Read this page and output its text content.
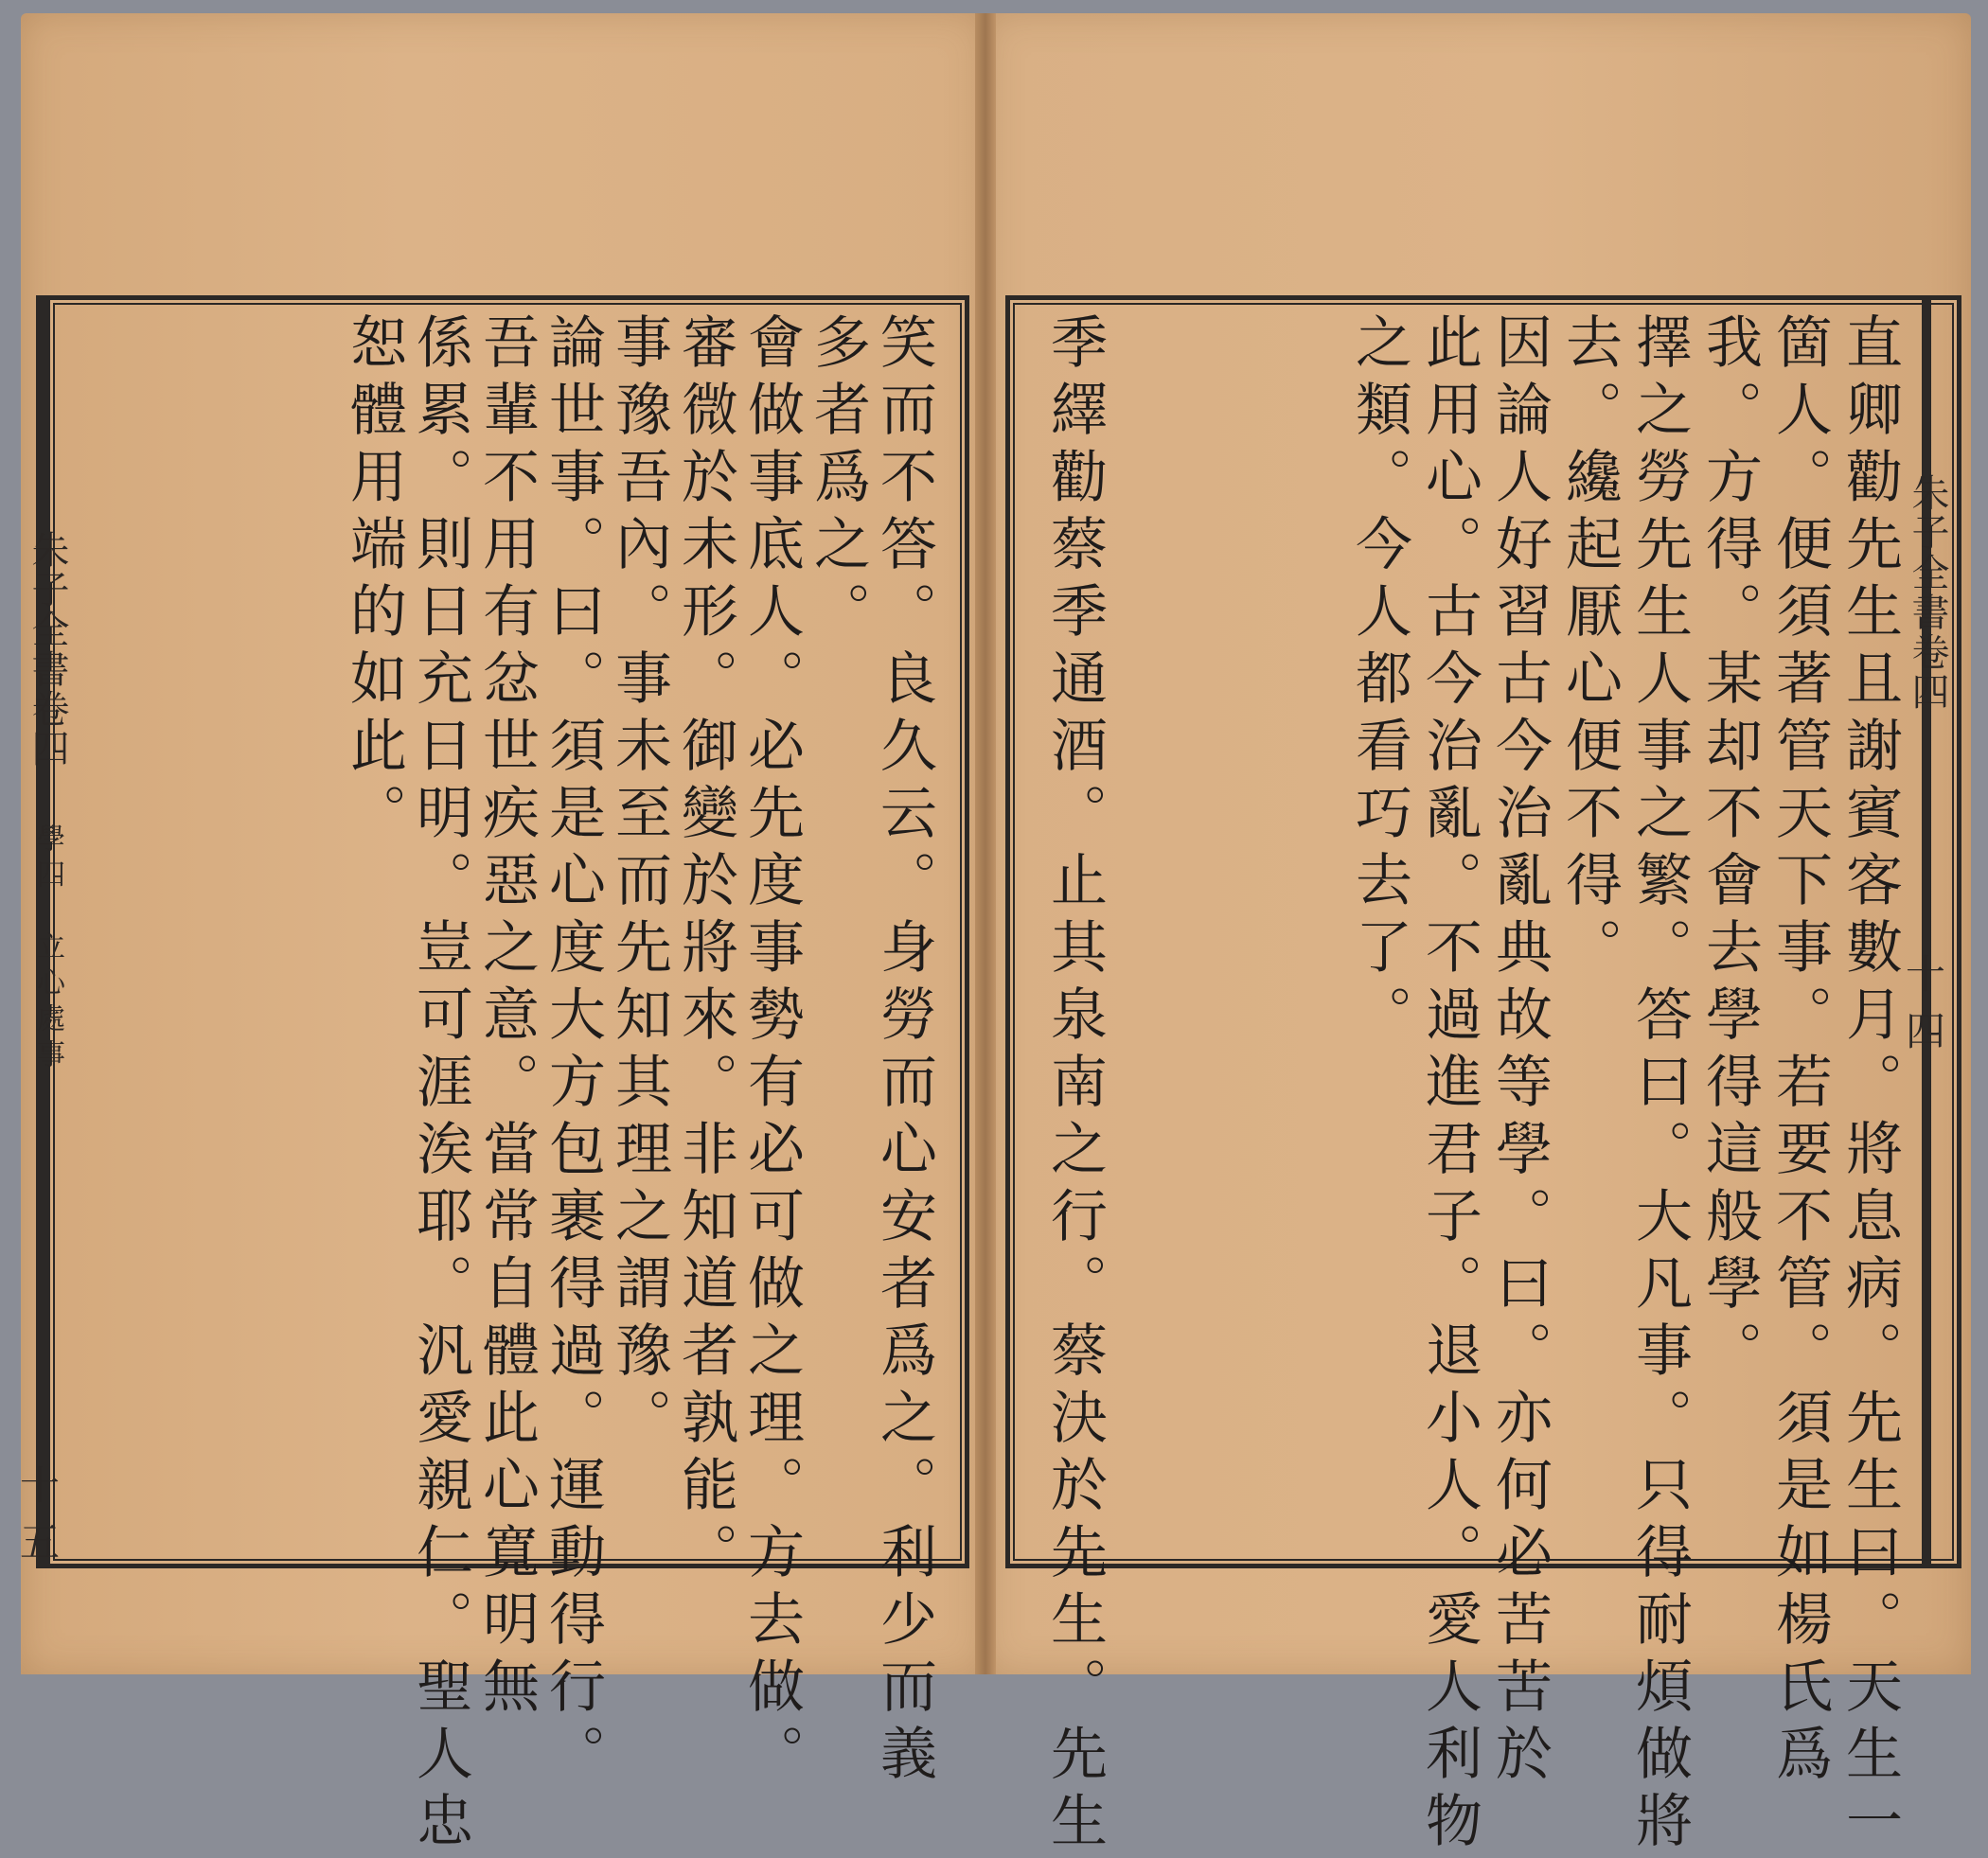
朱子全書卷四
學四　立心處事
十五	笑而不答。良久云。身勞而心安者爲之。利少而義
多者爲之。
會做事底人。必先度事勢有必可做之理。方去做。
審微於未形。御變於將來。非知道者孰能。
事豫吾內。事未至而先知其理之謂豫。
論世事。曰。須是心度大方包裹得過。運動得行。
吾輩不用有忿世疾惡之意。當常自體此心寬明無
係累。則日充日明。豈可涯涘耶。汎愛親仁。聖人忠
恕體用端的如此。	朱子全書卷四
十四
直卿勸先生且謝賓客數月。將息病。先生曰。天生一
箇人。便須著管天下事。若要不管。須是如楊氏爲
我。方得。某却不會去學得這般學。
擇之勞先生人事之繁。答曰。大凡事。只得耐煩做將
去。纔起厭心便不得。
因論人好習古今治亂典故等學。曰。亦何必苦苦於
此用心。古今治亂。不過進君子。退小人。愛人利物
之類。今人都看巧去了。
季繹勸蔡季通酒。止其泉南之行。蔡決於先生。先生
